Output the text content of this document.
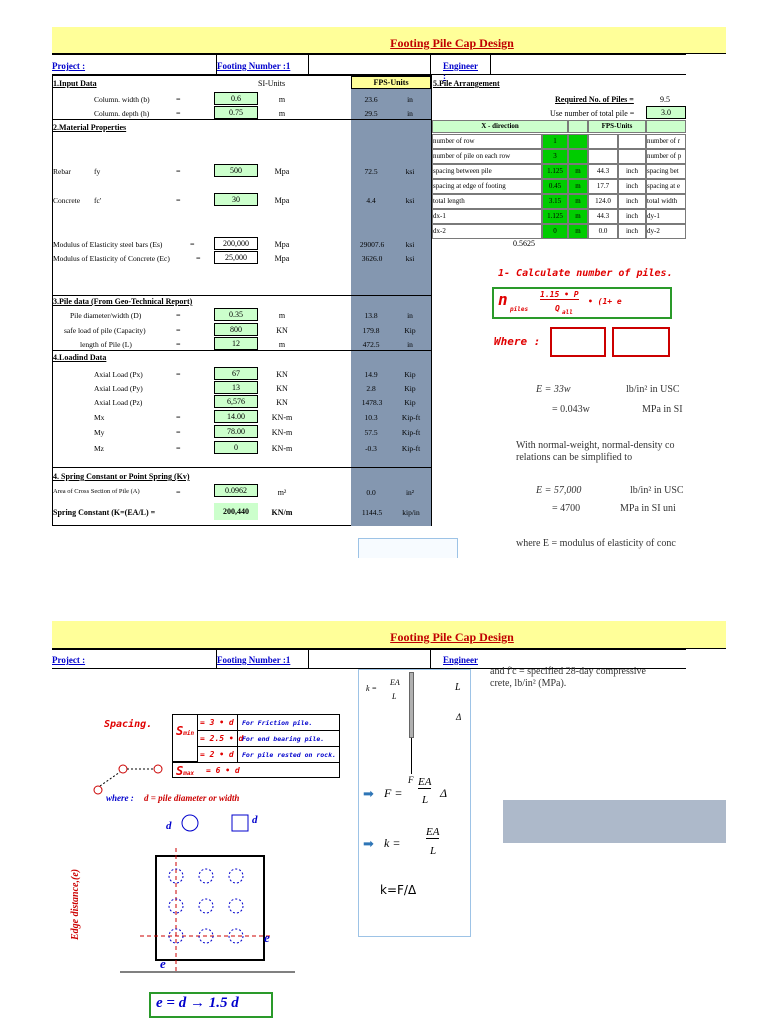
Footing Pile Cap Design
Project :	Footing Number :1	Engineer :
FPS-Units
1.Input Data	SI-Units
Column. width (b)	=	0.6	m	23.6	in
Column. depth (h)	=	0.75	m	29.5	in
2.Material Properties
Rebar	fy	=	500	Mpa	72.5	ksi
Concrete fc'	=	30	Mpa	4.4	ksi
Modulus of Elasticity steel bars (Es)	=	200,000	Mpa	29007.6	ksi
Modulus of Elasticity of Concrete (Ec)	=	25,000	Mpa	3626.0	ksi
3.Pile data (From Geo-Technical Report)
Pile diameter/width (D)	=	0.35	m	13.8	in
safe load of pile (Capacity)	=	800	KN	179.8	Kip
length of Pile (L)	=	12	m	472.5	in
4.Loadind Data
Axial Load (Px)	=	67	KN	14.9	Kip
Axial Load (Py)	13	KN	2.8	Kip
Axial Load (Pz)	6,576	KN	1478.3	Kip
Mx	=	14.00	KN-m	10.3	Kip-ft
My	=	78.00	KN-m	57.5	Kip-ft
Mz	=	0	KN-m	-0.3	Kip-ft
4. Spring Constant or Point Spring (Kv)
Area of Cross Section of Pile (A)	=	0.0962	m²	0.0	in²
Spring Constant (K=(EA/L) =	200,440	KN/m	1144.5	kip/in
5.Pile Arrangement
Required No. of Piles =	9.5
Use number of total pile =	3.0
X - direction	FPS-Units
number of row	1	number of r
number of pile on each row	3	number of p
spacing between pile	1.125	m	44.3	inch	spacing bet
spacing at edge of footing	0.45	m	17.7	inch	spacing at e
total length	3.15	m	124.0	inch	total width
dx-1	1.125	m	44.3	inch	dy-1
dx-2	0	m	0.0	inch	dy-2
0.5625
1- Calculate number of piles.
n
piles
1.15 • P
Q all
• (1+ e
Where :
E = 33w	lb/in² in USC
= 0.043w	MPa in SI
With normal-weight, normal-density co
relations can be simplified to
E = 57,000	lb/in² in USC
= 4700	MPa in SI uni
where E = modulus of elasticity of conc
Footing Pile Cap Design
Project :	Footing Number :1	Engineer
and f'c = specified 28-day compressive
crete, lb/in² (MPa).
Spacing. Smin
Smax
= 3 • d For Friction pile.
= 2.5 • d
For end bearing pile.
= 2 • d For pile rested on rock.
= 6 • d
where : d = pile diameter or width
d	d
Edge distance,(e)	e
e
e = d → 1.5 d
k =
EA
L
L
Δ
F
➡ F =
EA
L Δ
➡ k =
EA
L
k=F/Δ
